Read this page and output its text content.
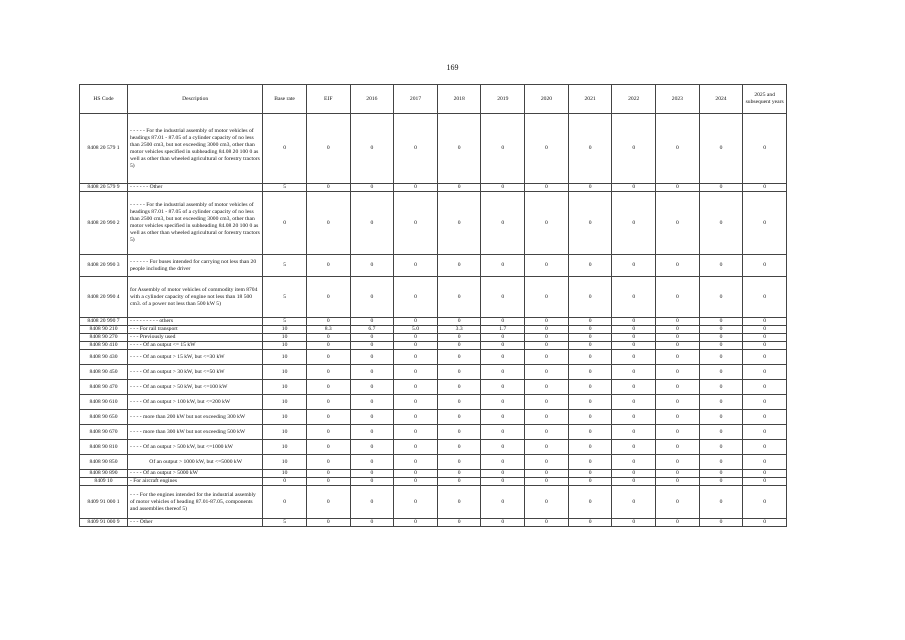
169
HS Code	Description	Base rate	EIF	2016	2017	2018	2019	2020	2021	2022	2023	2024	2025 and subsequent years
8408 20 579 1	- - - - - For the industrial assembly of motor vehicles of headings 87.01 - 87.05 of a cylinder capacity of no less than 2500 cm3, but not exceeding 3000 cm3, other than motor vehicles specified in subheading 84.08 20 100 0 as well as other than wheeled agricultural or forestry tractors 5)	0	0	0	0	0	0	0	0	0	0	0	0
8408 20 579 9	- - - - - - Other	5	0	0	0	0	0	0	0	0	0	0	0
8408 20 990 2	- - - - - For the industrial assembly of motor vehicles of headings 87.01 - 87.05 of a cylinder capacity of no less than 2500 cm3, but not exceeding 3000 cm3, other than motor vehicles specified in subheading 84.08 20 100 0 as well as other than wheeled agricultural or forestry tractors 5)	0	0	0	0	0	0	0	0	0	0	0	0
8408 20 990 3	- - - - - - For buses intended for carrying not less than 20 people including the driver	5	0	0	0	0	0	0	0	0	0	0	0
8408 20 990 4	for Assembly of motor vehicles of commodity item 8704 with a cylinder capacity of engine not less than 18 500 cm3. of a power not less than 500 kW 5)	5	0	0	0	0	0	0	0	0	0	0	0
8408 20 990 7	- - - - - - - - - others	5	0	0	0	0	0	0	0	0	0	0	0
8408 90 210	- - - For rail transport	10	8.3	6.7	5.0	3.3	1.7	0	0	0	0	0	0
8408 90 270	- - - Previously used	10	0	0	0	0	0	0	0	0	0	0	0
8408 90 410	- - - - Of an output <= 15 kW	10	0	0	0	0	0	0	0	0	0	0	0
8408 90 430	- - - - Of an output > 15 kW, but <=30 kW	10	0	0	0	0	0	0	0	0	0	0	0
8408 90 450	- - - - Of an output > 30 kW, but <=50 kW	10	0	0	0	0	0	0	0	0	0	0	0
8408 90 470	- - - - Of an output > 50 kW, but <=100 kW	10	0	0	0	0	0	0	0	0	0	0	0
8408 90 610	- - - - Of an output > 100 kW, but <=200 kW	10	0	0	0	0	0	0	0	0	0	0	0
8408 90 650	- - - - more than 200 kW but not exceeding 300 kW	10	0	0	0	0	0	0	0	0	0	0	0
8408 90 670	- - - - more than 300 kW but not exceeding 500 kW	10	0	0	0	0	0	0	0	0	0	0	0
8408 90 810	- - - - Of an output > 500 kW, but <=1000 kW	10	0	0	0	0	0	0	0	0	0	0	0
8408 90 850	Of an output > 1000 kW, but <=5000 kW	10	0	0	0	0	0	0	0	0	0	0	0
8408 90 890	- - - - Of an output > 5000 kW	10	0	0	0	0	0	0	0	0	0	0	0
8409 10	- For aircraft engines	0	0	0	0	0	0	0	0	0	0	0	0
8409 91 000 1	- - - For the engines intended for the industrial assembly of motor vehicles of heading 87.01-87.05, components and assemblies thereof 5)	0	0	0	0	0	0	0	0	0	0	0	0
8409 91 000 9	- - - Other	5	0	0	0	0	0	0	0	0	0	0	0
